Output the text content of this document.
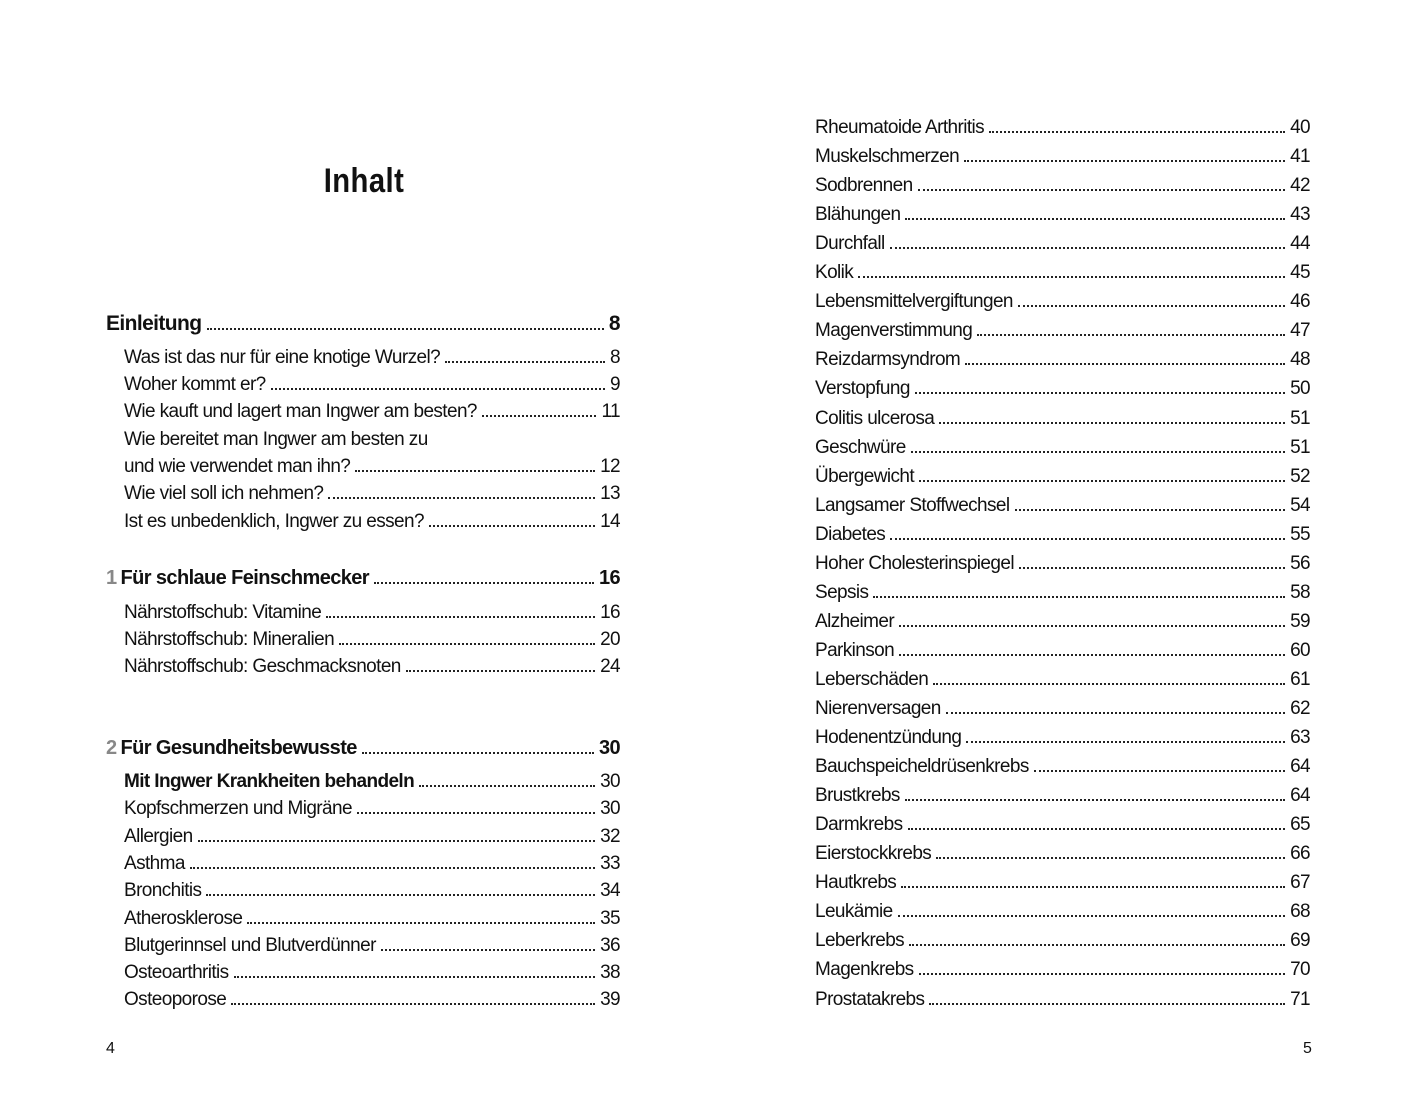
Inhalt
Einleitung	8
Was ist das nur für eine knotige Wurzel?	8
Woher kommt er?	9
Wie kauft und lagert man Ingwer am besten?	11
Wie bereitet man Ingwer am besten zu
und wie verwendet man ihn?	12
Wie viel soll ich nehmen?	13
Ist es unbedenklich, Ingwer zu essen?	14
1 Für schlaue Feinschmecker	16
Nährstoffschub: Vitamine	16
Nährstoffschub: Mineralien	20
Nährstoffschub: Geschmacksnoten	24
2 Für Gesundheitsbewusste	30
Mit Ingwer Krankheiten behandeln	30
Kopfschmerzen und Migräne	30
Allergien	32
Asthma	33
Bronchitis	34
Atherosklerose	35
Blutgerinnsel und Blutverdünner	36
Osteoarthritis	38
Osteoporose	39
4
Rheumatoide Arthritis	40
Muskelschmerzen	41
Sodbrennen	42
Blähungen	43
Durchfall	44
Kolik	45
Lebensmittelvergiftungen	46
Magenverstimmung	47
Reizdarmsyndrom	48
Verstopfung	50
Colitis ulcerosa	51
Geschwüre	51
Übergewicht	52
Langsamer Stoffwechsel	54
Diabetes	55
Hoher Cholesterinspiegel	56
Sepsis	58
Alzheimer	59
Parkinson	60
Leberschäden	61
Nierenversagen	62
Hodenentzündung	63
Bauchspeicheldrüsenkrebs	64
Brustkrebs	64
Darmkrebs	65
Eierstockkrebs	66
Hautkrebs	67
Leukämie	68
Leberkrebs	69
Magenkrebs	70
Prostatakrebs	71
5
